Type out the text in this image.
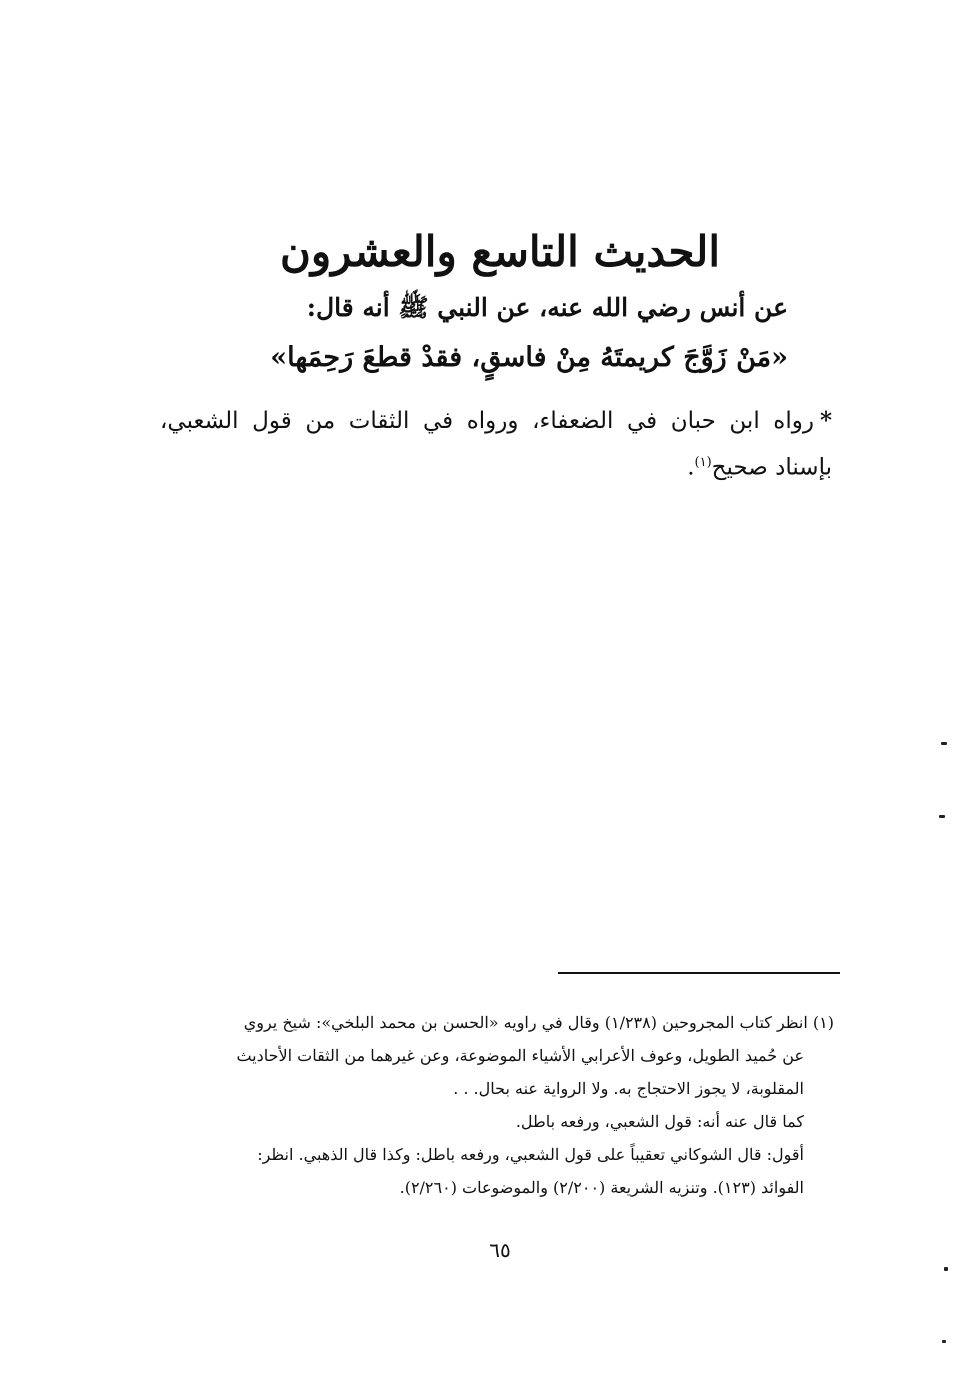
الحديث التاسع والعشرون
عن أنس رضي الله عنه، عن النبي ﷺ أنه قال:
«مَنْ زَوَّجَ كريمتَهُ مِنْ فاسقٍ، فقدْ قطعَ رَحِمَها»
*رواه ابن حبان في الضعفاء، ورواه في الثقات من قول الشعبي، بإسناد صحيح$^{(١)}$.

(١) انظر كتاب المجروحين (١/٢٣٨) وقال في راويه «الحسن بن محمد البلخي»: شيخ يروي

عن حُميد الطويل، وعوف الأعرابي الأشياء الموضوعة، وعن غيرهما من الثقات الأحاديث

المقلوبة، لا يجوز الاحتجاج به. ولا الرواية عنه بحال. . .

كما قال عنه أنه: قول الشعبي، ورفعه باطل.

أقول: قال الشوكاني تعقيباً على قول الشعبي، ورفعه باطل: وكذا قال الذهبي. انظر:

الفوائد (١٢٣). وتنزيه الشريعة (٢/٢٠٠) والموضوعات (٢/٢٦٠).

٦٥
